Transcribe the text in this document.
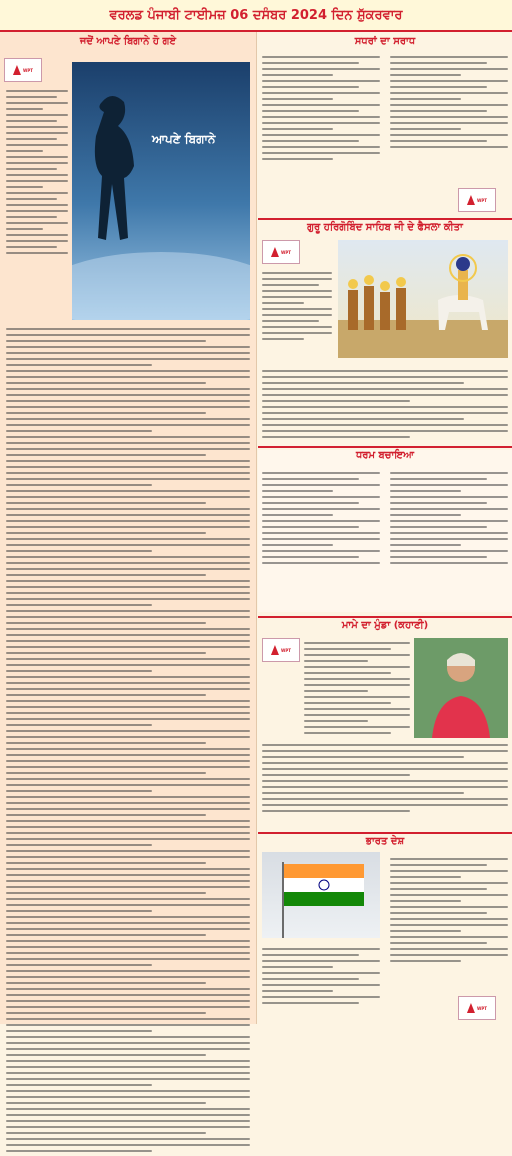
ਵਰਲਡ ਪੰਜਾਬੀ ਟਾਈਮਜ਼ 06 ਦਸੰਬਰ 2024 ਦਿਨ ਸ਼ੁੱਕਰਵਾਰ
ਜਦੋਂ ਆਪਣੇ ਬਿਗਾਨੇ ਹੋ ਗਏ
WPT
ਆਪਣੇ ਬਿਗਾਨੇ
ਸਧਰਾਂ ਦਾ ਸਰਾਧ
WPT
ਗੁਰੂ ਹਰਿਗੋਬਿੰਦ ਸਾਹਿਬ ਜੀ ਦੇ ਫੈਸਲਾ ਕੀਤਾ
WPT
ਧਰਮ ਬਚਾਇਆ
ਮਾਮੇ ਦਾ ਮੁੰਡਾ (ਕਹਾਣੀ)
WPT
ਭਾਰਤ ਦੇਸ਼
WPT
